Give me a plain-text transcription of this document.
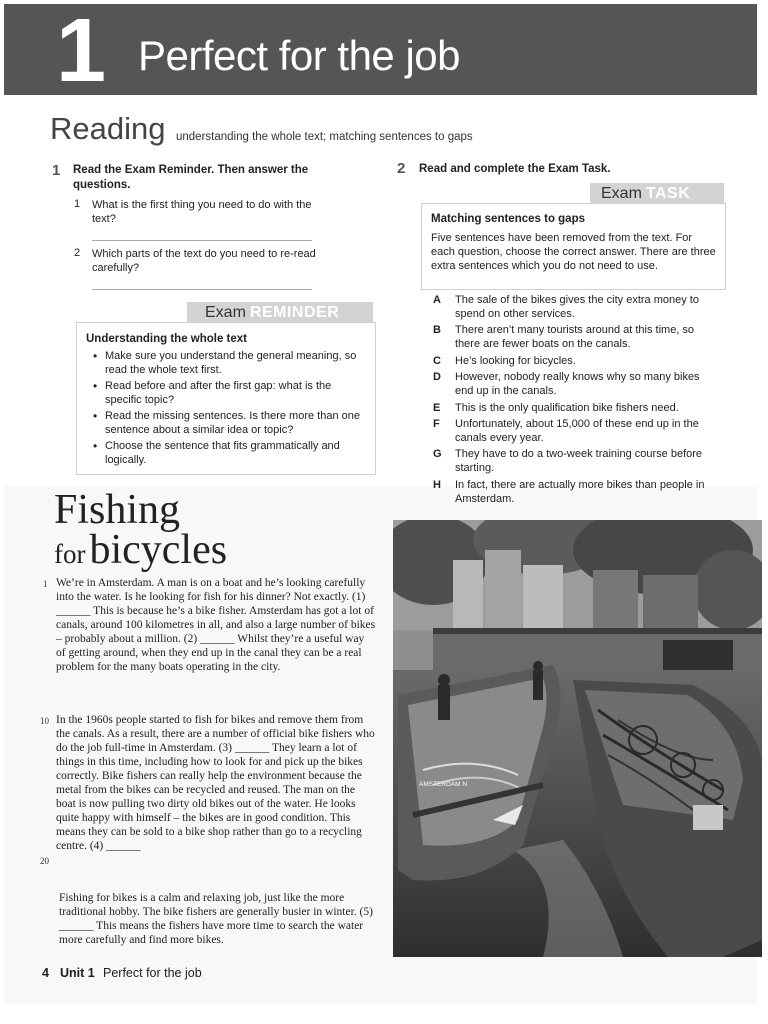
1 Perfect for the job
Reading understanding the whole text; matching sentences to gaps
1 Read the Exam Reminder. Then answer the
questions.
1 What is the first thing you need to do with the
text?
2 Which parts of the text do you need to re-read
carefully?
Exam REMINDER
Understanding the whole text
• Make sure you understand the general meaning, so read the whole text first.
• Read before and after the first gap: what is the specific topic?
• Read the missing sentences. Is there more than one sentence about a similar idea or topic?
• Choose the sentence that fits grammatically and logically.
2 Read and complete the Exam Task.
Exam TASK
Matching sentences to gaps
Five sentences have been removed from the text. For each question, choose the correct answer. There are three extra sentences which you do not need to use.
A The sale of the bikes gives the city extra money to spend on other services.
B There aren’t many tourists around at this time, so there are fewer boats on the canals.
C He’s looking for bicycles.
D However, nobody really knows why so many bikes end up in the canals.
E This is the only qualification bike fishers need.
F Unfortunately, about 15,000 of these end up in the canals every year.
G They have to do a two-week training course before starting.
H In fact, there are actually more bikes than people in Amsterdam.
Fishing
for bicycles
1 We’re in Amsterdam. A man is on a boat and he’s looking carefully into the water. Is he looking for fish for his dinner? Not exactly. (1) ______ This is because he’s a bike fisher. Amsterdam has got a lot of canals, around 100 kilometres in all, and also a large number of bikes – probably about a million. (2) ______ Whilst they’re a useful way of getting around, when they end up in the canal they can be a real problem for the many boats operating in the city.

10 In the 1960s people started to fish for bikes and remove them from the canals. As a result, there are a number of official bike fishers who do the job full-time in Amsterdam. (3) ______ They learn a lot of things in this time, including how to look for and pick up the bikes correctly. Bike fishers can really help the environment because the metal from the bikes can be recycled and reused. The man on the boat is now pulling two dirty old bikes out of the water. He looks quite happy with himself – the bikes are in good condition. This means they can be sold to a bike shop rather than go to a recycling centre. (4) ______

20

Fishing for bikes is a calm and relaxing job, just like the more traditional hobby. The bike fishers are generally busier in winter. (5) ______ This means the fishers have more time to search the water more carefully and find more bikes.

AMSTERDAM N
4 Unit 1 Perfect for the job
